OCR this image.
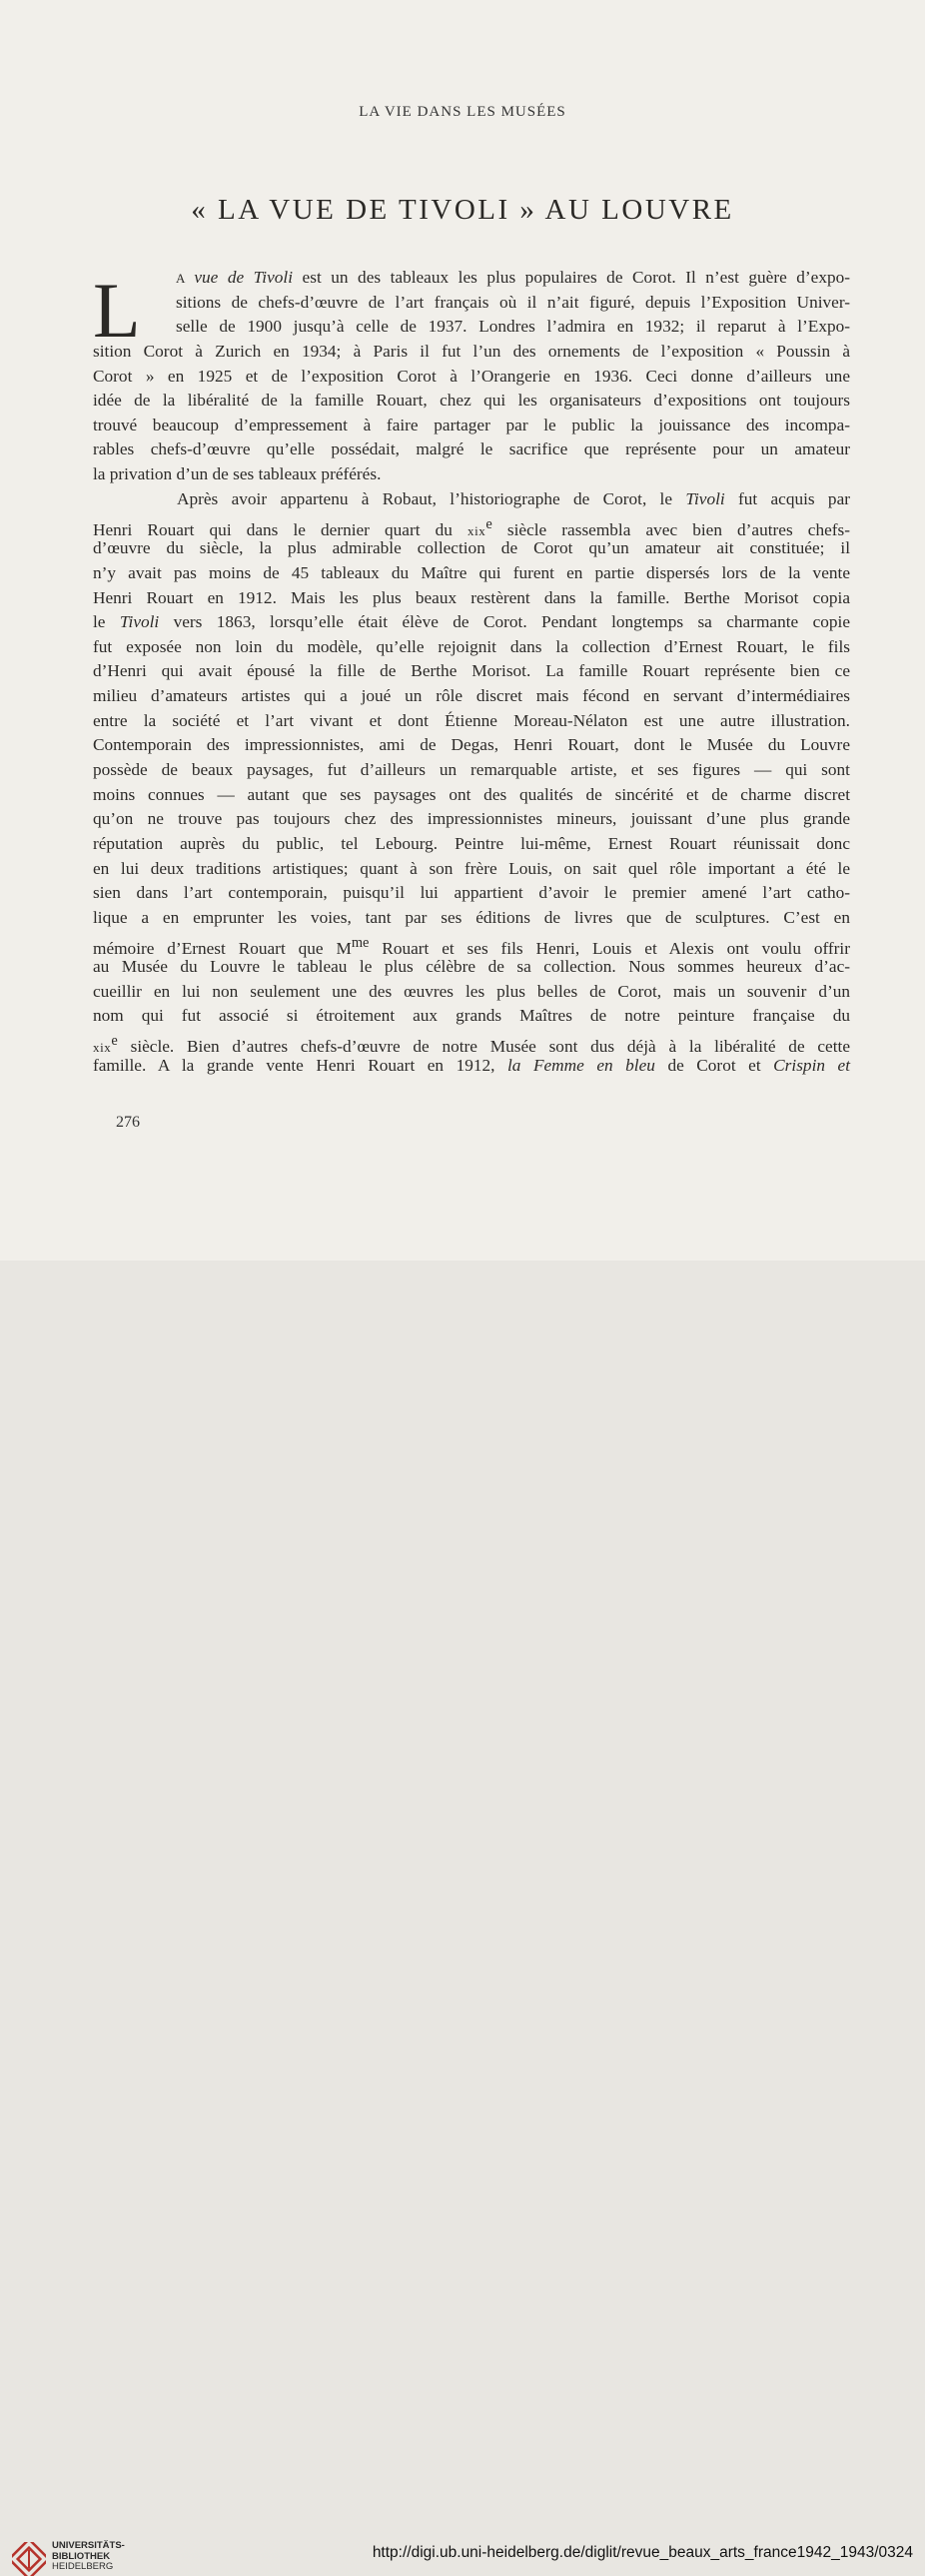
LA VIE DANS LES MUSÉES
« LA VUE DE TIVOLI » AU LOUVRE
L	A vue de Tivoli est un des tableaux les plus populaires de Corot. Il n’est guère d’expo-
sitions de chefs-d’œuvre de l’art français où il n’ait figuré, depuis l’Exposition Univer-
selle de 1900 jusqu’à celle de 1937. Londres l’admira en 1932; il reparut à l’Expo-
sition Corot à Zurich en 1934; à Paris il fut l’un des ornements de l’exposition « Poussin à
Corot » en 1925 et de l’exposition Corot à l’Orangerie en 1936. Ceci donne d’ailleurs une
idée de la libéralité de la famille Rouart, chez qui les organisateurs d’expositions ont toujours
trouvé beaucoup d’empressement à faire partager par le public la jouissance des incompa-
rables chefs-d’œuvre qu’elle possédait, malgré le sacrifice que représente pour un amateur
la privation d’un de ses tableaux préférés.
Après avoir appartenu à Robaut, l’historiographe de Corot, le Tivoli fut acquis par
Henri Rouart qui dans le dernier quart du xix$^e$ siècle rassembla avec bien d’autres chefs-
d’œuvre du siècle, la plus admirable collection de Corot qu’un amateur ait constituée; il
n’y avait pas moins de 45 tableaux du Maître qui furent en partie dispersés lors de la vente
Henri Rouart en 1912. Mais les plus beaux restèrent dans la famille. Berthe Morisot copia
le Tivoli vers 1863, lorsqu’elle était élève de Corot. Pendant longtemps sa charmante copie
fut exposée non loin du modèle, qu’elle rejoignit dans la collection d’Ernest Rouart, le fils
d’Henri qui avait épousé la fille de Berthe Morisot. La famille Rouart représente bien ce
milieu d’amateurs artistes qui a joué un rôle discret mais fécond en servant d’intermédiaires
entre la société et l’art vivant et dont Étienne Moreau-Nélaton est une autre illustration.
Contemporain des impressionnistes, ami de Degas, Henri Rouart, dont le Musée du Louvre
possède de beaux paysages, fut d’ailleurs un remarquable artiste, et ses figures — qui sont
moins connues — autant que ses paysages ont des qualités de sincérité et de charme discret
qu’on ne trouve pas toujours chez des impressionnistes mineurs, jouissant d’une plus grande
réputation auprès du public, tel Lebourg. Peintre lui-même, Ernest Rouart réunissait donc
en lui deux traditions artistiques; quant à son frère Louis, on sait quel rôle important a été le
sien dans l’art contemporain, puisqu’il lui appartient d’avoir le premier amené l’art catho-
lique a en emprunter les voies, tant par ses éditions de livres que de sculptures. C’est en
mémoire d’Ernest Rouart que $M^{me}$ Rouart et ses fils Henri, Louis et Alexis ont voulu offrir
au Musée du Louvre le tableau le plus célèbre de sa collection. Nous sommes heureux d’ac-
cueillir en lui non seulement une des œuvres les plus belles de Corot, mais un souvenir d’un
nom qui fut associé si étroitement aux grands Maîtres de notre peinture française du
xix$^e$ siècle. Bien d’autres chefs-d’œuvre de notre Musée sont dus déjà à la libéralité de cette
famille. A la grande vente Henri Rouart en 1912, la Femme en bleu de Corot et Crispin et
276
UNIVERSITÄTS-
BIBLIOTHEK
HEIDELBERG
http://digi.ub.uni-heidelberg.de/diglit/revue_beaux_arts_france1942_1943/0324
